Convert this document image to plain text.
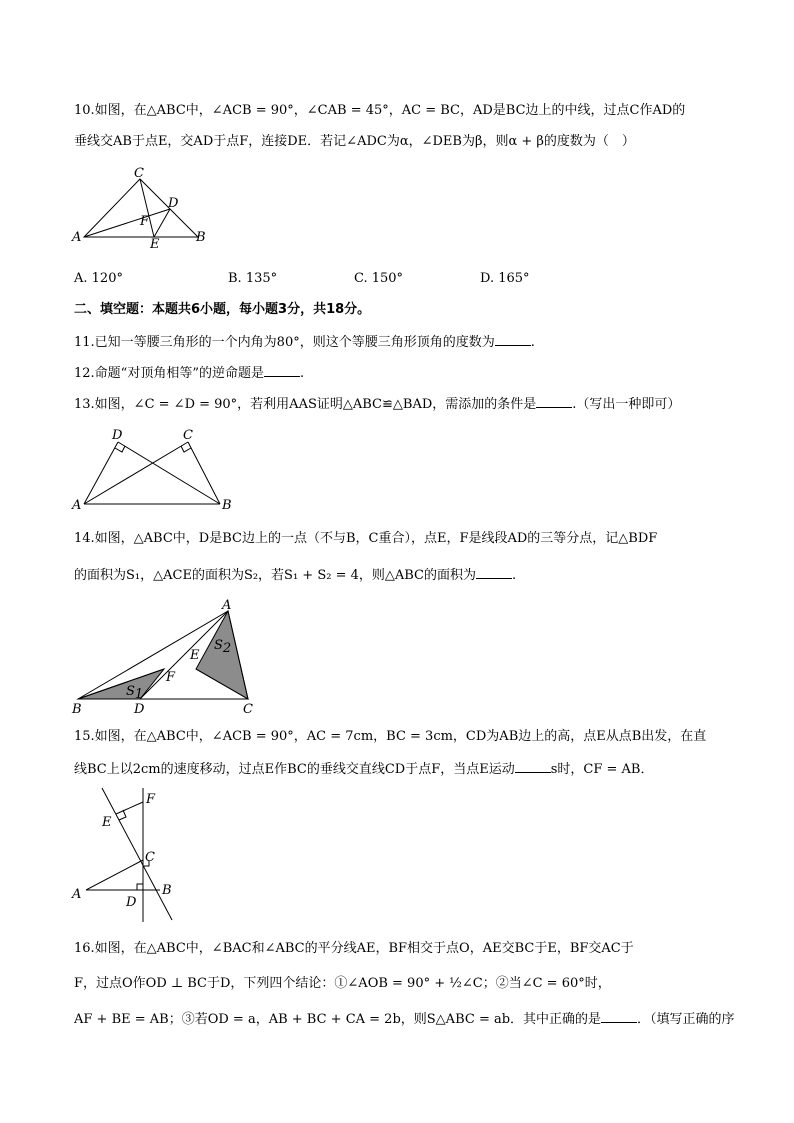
10.如图，在△ABC中，∠ACB = 90°，∠CAB = 45°，AC = BC，AD是BC边上的中线，过点C作AD的
垂线交AB于点E，交AD于点F，连接DE．若记∠ADC为α，∠DEB为β，则α + β的度数为（　）
C
D
F
A	E	B
A. 120°	B. 135°	C. 150°	D. 165°
二、填空题：本题共6小题，每小题3分，共18分。
11.已知一等腰三角形的一个内角为80°，则这个等腰三角形顶角的度数为	.
12.命题“对顶角相等”的逆命题是	.
13.如图，∠C = ∠D = 90°，若利用AAS证明△ABC≌△BAD，需添加的条件是	.（写出一种即可）
D	C
A	B
14.如图，△ABC中，D是BC边上的一点（不与B，C重合），点E，F是线段AD的三等分点，记△BDF
的面积为S₁，△ACE的面积为S₂，若S₁ + S₂ = 4，则△ABC的面积为	.
A
S2
E
F
S1
B	D	C
15.如图，在△ABC中，∠ACB = 90°，AC = 7cm，BC = 3cm，CD为AB边上的高，点E从点B出发，在直
线BC上以2cm的速度移动，过点E作BC的垂线交直线CD于点F，当点E运动	s时，CF = AB．
F
E
C
A	B
D
16.如图，在△ABC中，∠BAC和∠ABC的平分线AE，BF相交于点O，AE交BC于E，BF交AC于
F，过点O作OD ⊥ BC于D，下列四个结论：①∠AOB = 90° + ½∠C；②当∠C = 60°时，
AF + BE = AB；③若OD = a，AB + BC + CA = 2b，则S△ABC = ab．其中正确的是	．（填写正确的序
